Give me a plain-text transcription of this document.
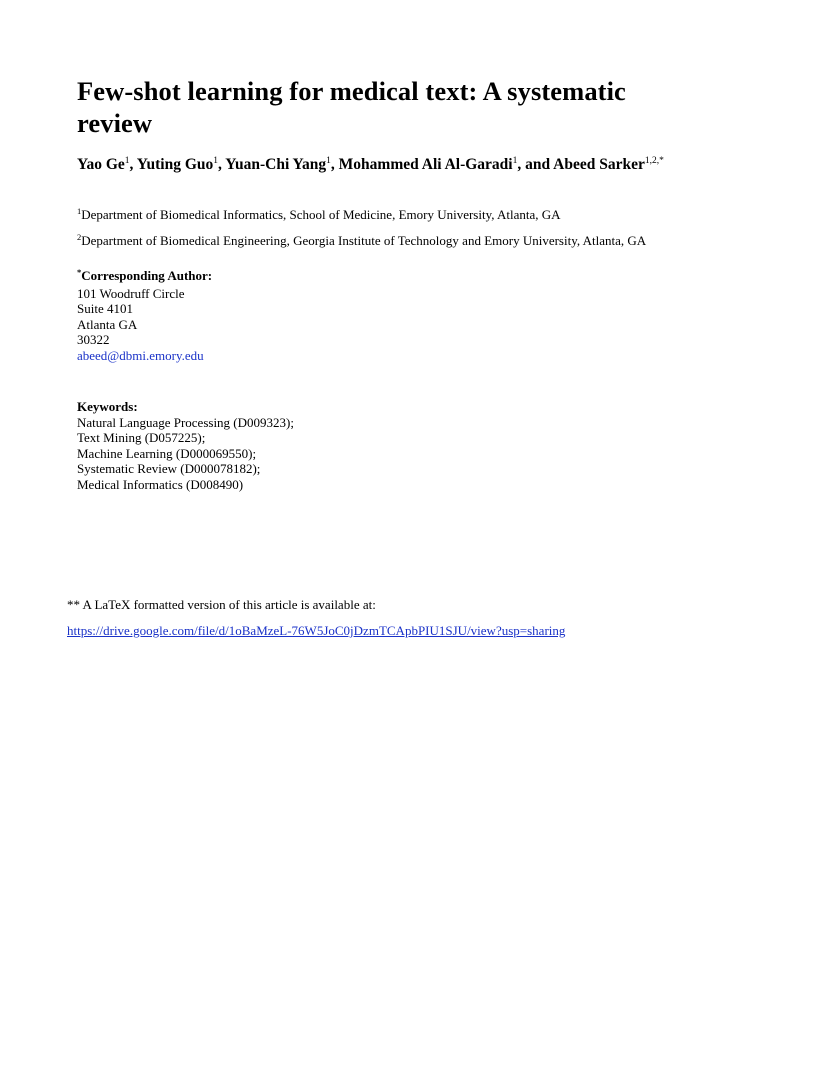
Few-shot learning for medical text: A systematic
review
Yao Ge$^1$, Yuting Guo$^1$, Yuan-Chi Yang$^1$, Mohammed Ali Al-Garadi$^1$, and Abeed Sarker$^{1,2,*}$
$^1$Department of Biomedical Informatics, School of Medicine, Emory University, Atlanta, GA
$^2$Department of Biomedical Engineering, Georgia Institute of Technology and Emory University, Atlanta, GA
*Corresponding Author:
101 Woodruff Circle
Suite 4101
Atlanta GA
30322
abeed@dbmi.emory.edu
Keywords:
Natural Language Processing (D009323);
Text Mining (D057225);
Machine Learning (D000069550);
Systematic Review (D000078182);
Medical Informatics (D008490)
** A LaTeX formatted version of this article is available at:
https://drive.google.com/file/d/1oBaMzeL-76W5JoC0jDzmTCApbPIU1SJU/view?usp=sharing
